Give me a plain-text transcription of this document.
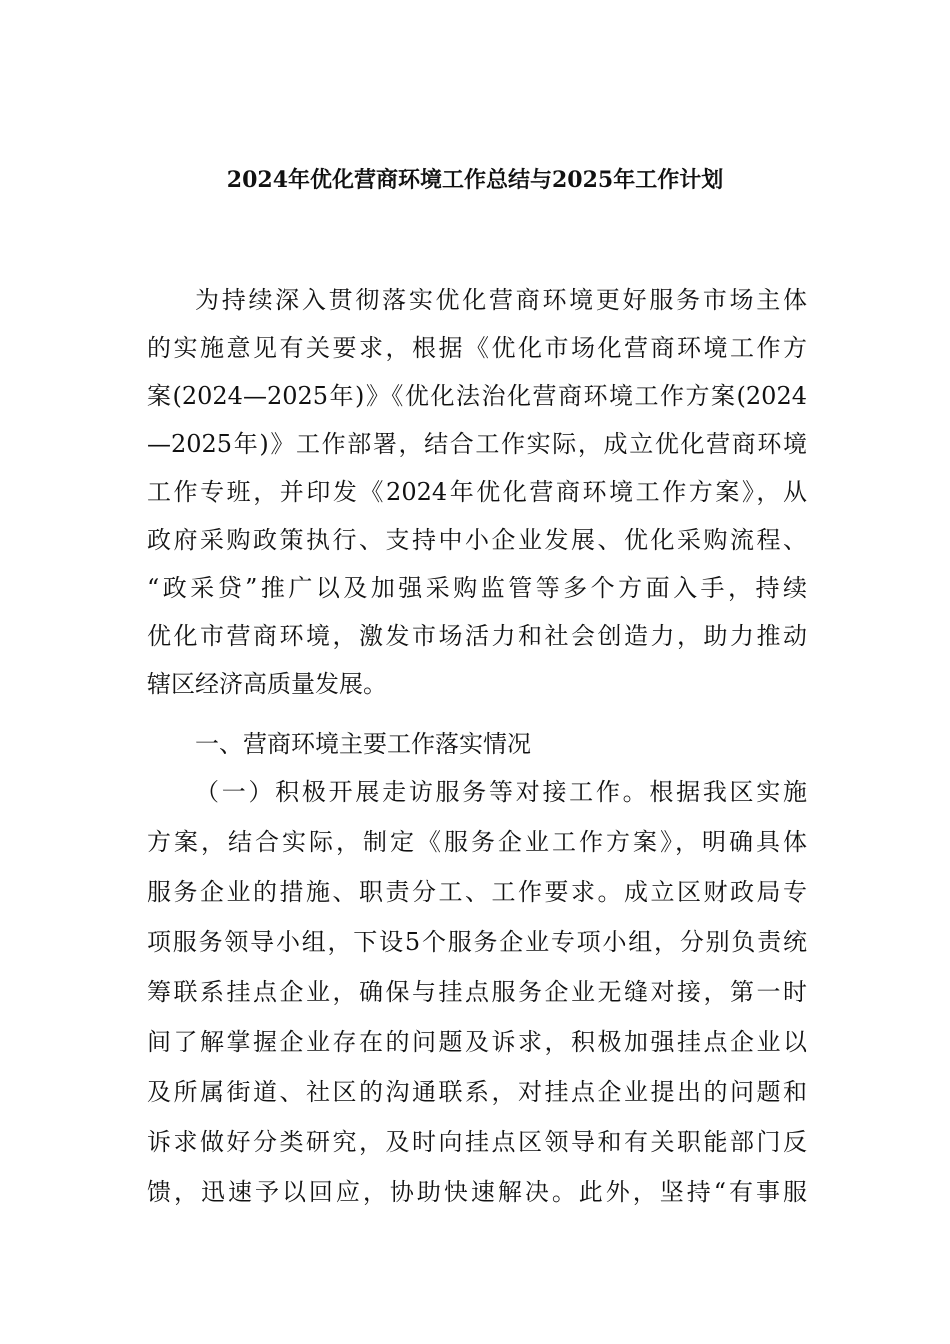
2024年优化营商环境工作总结与2025年工作计划
为持续深入贯彻落实优化营商环境更好服务市场主体
的实施意见有关要求，根据《优化市场化营商环境工作方
案(2024—2025年)》《优化法治化营商环境工作方案(2024
—2025年)》工作部署，结合工作实际，成立优化营商环境
工作专班，并印发《2024年优化营商环境工作方案》，从
政府采购政策执行、支持中小企业发展、优化采购流程、
“政采贷”推广以及加强采购监管等多个方面入手，持续
优化市营商环境，激发市场活力和社会创造力，助力推动
辖区经济高质量发展。
一、营商环境主要工作落实情况
（一）积极开展走访服务等对接工作。根据我区实施
方案，结合实际，制定《服务企业工作方案》，明确具体
服务企业的措施、职责分工、工作要求。成立区财政局专
项服务领导小组，下设5个服务企业专项小组，分别负责统
筹联系挂点企业，确保与挂点服务企业无缝对接，第一时
间了解掌握企业存在的问题及诉求，积极加强挂点企业以
及所属街道、社区的沟通联系，对挂点企业提出的问题和
诉求做好分类研究，及时向挂点区领导和有关职能部门反
馈，迅速予以回应，协助快速解决。此外，坚持“有事服
